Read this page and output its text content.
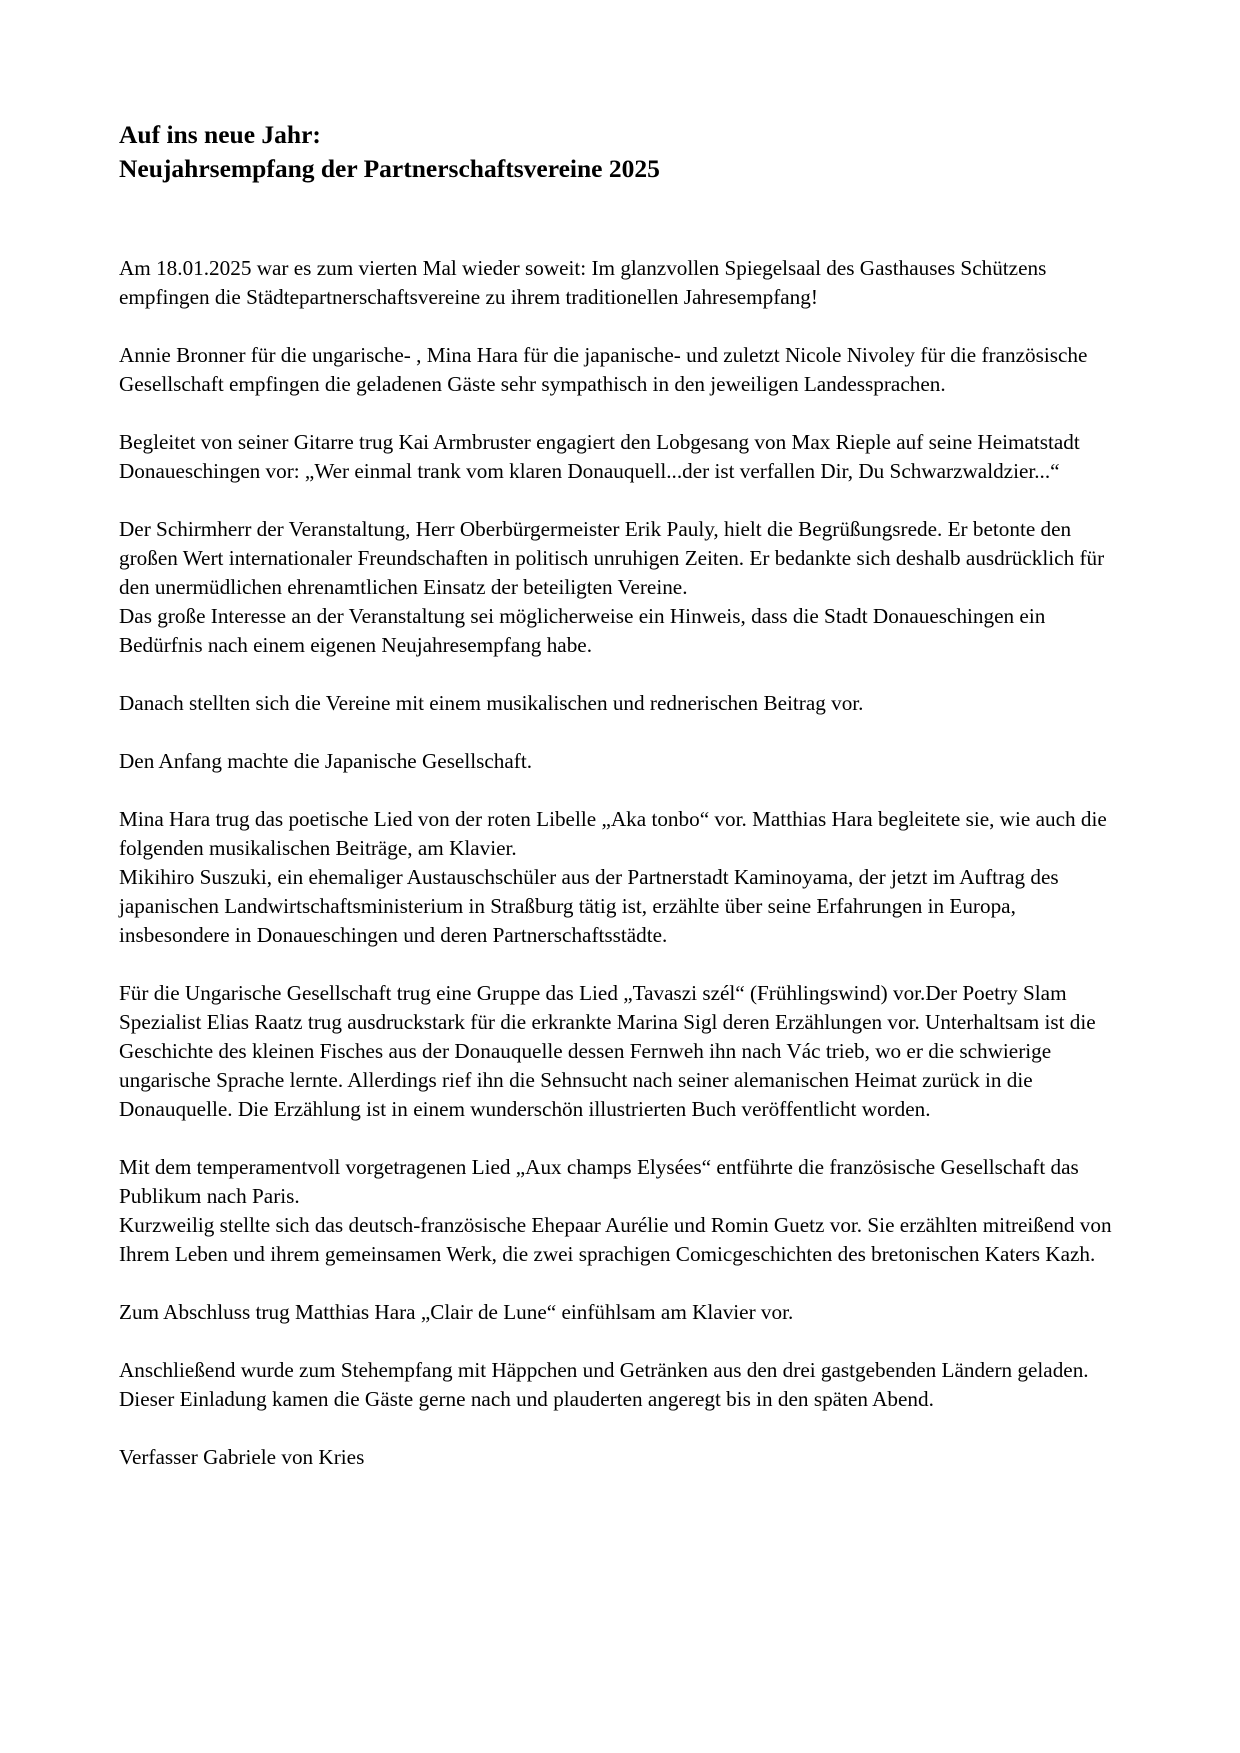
Auf ins neue Jahr:
Neujahrsempfang der Partnerschaftsvereine 2025

Am 18.01.2025 war es zum vierten Mal wieder soweit: Im glanzvollen Spiegelsaal des Gasthauses Schützens empfingen die Städtepartnerschaftsvereine zu ihrem traditionellen Jahresempfang!

Annie Bronner für die ungarische- , Mina Hara für die japanische- und zuletzt Nicole Nivoley für die französische Gesellschaft empfingen die geladenen Gäste sehr sympathisch in den jeweiligen Landessprachen.

Begleitet von seiner Gitarre trug Kai Armbruster engagiert den Lobgesang von Max Rieple auf seine Heimatstadt Donaueschingen vor: „Wer einmal trank vom klaren Donauquell...der ist verfallen Dir, Du Schwarzwaldzier...“

Der Schirmherr der Veranstaltung, Herr Oberbürgermeister Erik Pauly, hielt die Begrüßungsrede. Er betonte den großen Wert internationaler Freundschaften in politisch unruhigen Zeiten. Er bedankte sich deshalb ausdrücklich für den unermüdlichen ehrenamtlichen Einsatz der beteiligten Vereine.

Das große Interesse an der Veranstaltung sei möglicherweise ein Hinweis, dass die Stadt Donaueschingen ein Bedürfnis nach einem eigenen Neujahresempfang habe.

Danach stellten sich die Vereine mit einem musikalischen und rednerischen Beitrag vor.

Den Anfang machte die Japanische Gesellschaft.

Mina Hara trug das poetische Lied von der roten Libelle „Aka tonbo“ vor. Matthias Hara begleitete sie, wie auch die folgenden musikalischen Beiträge, am Klavier.

Mikihiro Suszuki, ein ehemaliger Austauschschüler aus der Partnerstadt Kaminoyama, der jetzt im Auftrag des japanischen Landwirtschaftsministerium in Straßburg tätig ist, erzählte über seine Erfahrungen in Europa, insbesondere in Donaueschingen und deren Partnerschaftsstädte.

Für die Ungarische Gesellschaft trug eine Gruppe das Lied „Tavaszi szél“ (Frühlingswind) vor.Der Poetry Slam Spezialist Elias Raatz trug ausdruckstark für die erkrankte Marina Sigl deren Erzählungen vor. Unterhaltsam ist die Geschichte des kleinen Fisches aus der Donauquelle dessen Fernweh ihn nach Vác trieb, wo er die schwierige ungarische Sprache lernte. Allerdings rief ihn die Sehnsucht nach seiner alemanischen Heimat zurück in die Donauquelle. Die Erzählung ist in einem wunderschön illustrierten Buch veröffentlicht worden.

Mit dem temperamentvoll vorgetragenen Lied „Aux champs Elysées“ entführte die französische Gesellschaft das Publikum nach Paris.

Kurzweilig stellte sich das deutsch-französische Ehepaar Aurélie und Romin Guetz vor. Sie erzählten mitreißend von Ihrem Leben und ihrem gemeinsamen Werk, die zwei sprachigen Comicgeschichten des bretonischen Katers Kazh.

Zum Abschluss trug Matthias Hara „Clair de Lune“ einfühlsam am Klavier vor.

Anschließend wurde zum Stehempfang mit Häppchen und Getränken aus den drei gastgebenden Ländern geladen. Dieser Einladung kamen die Gäste gerne nach und plauderten angeregt bis in den späten Abend.

Verfasser Gabriele von Kries
